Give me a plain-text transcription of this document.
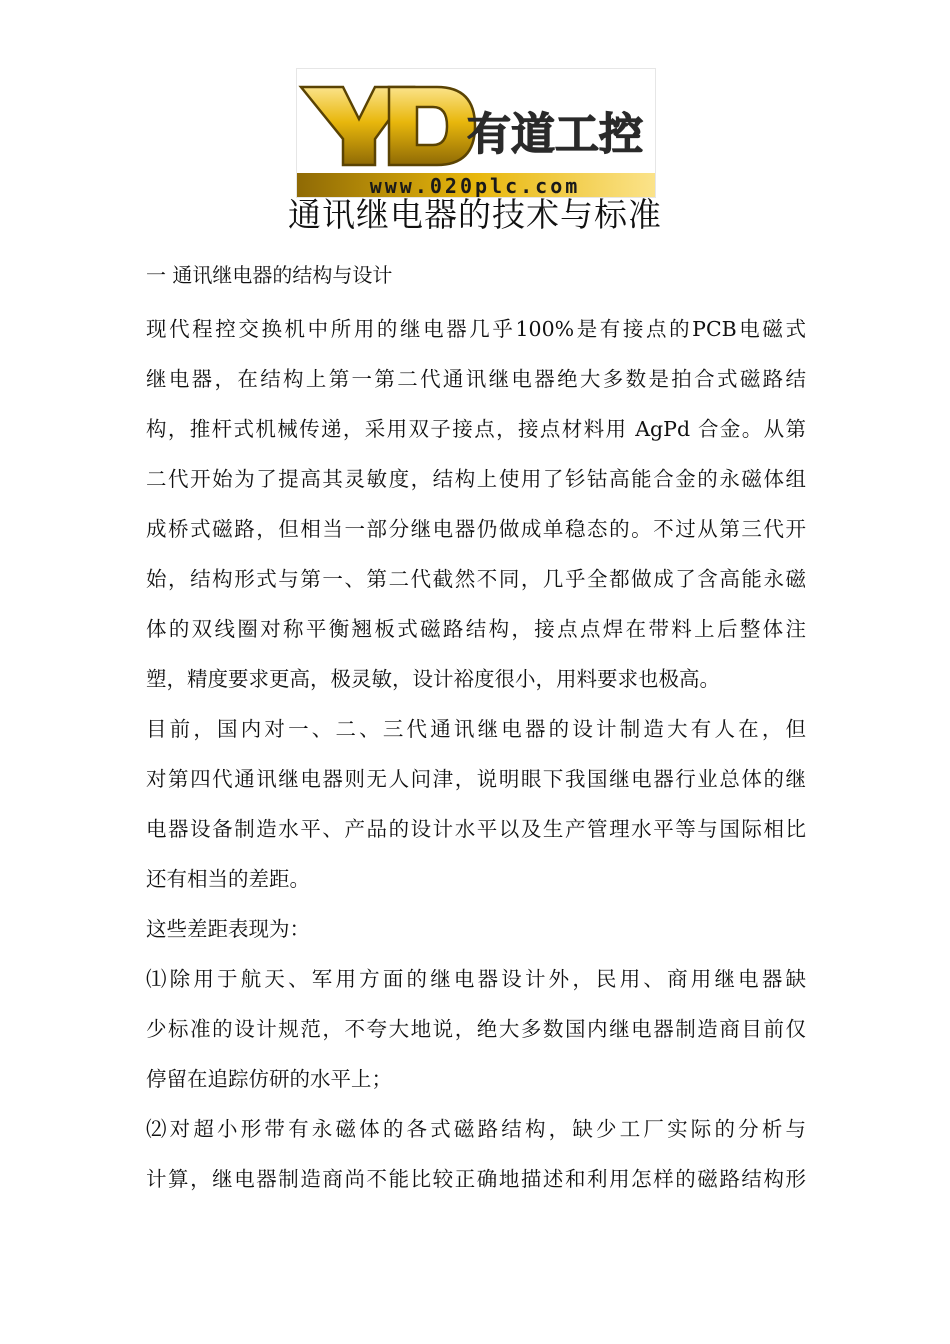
有道工控
www.020plc.com
通讯继电器的技术与标准
一 通讯继电器的结构与设计
现代程控交换机中所用的继电器几乎100%是有接点的PCB电磁式
继电器，在结构上第一第二代通讯继电器绝大多数是拍合式磁路结
构，推杆式机械传递，采用双子接点，接点材料用 AgPd 合金。从第
二代开始为了提高其灵敏度，结构上使用了钐钴高能合金的永磁体组
成桥式磁路，但相当一部分继电器仍做成单稳态的。不过从第三代开
始，结构形式与第一、第二代截然不同，几乎全都做成了含高能永磁
体的双线圈对称平衡翘板式磁路结构，接点点焊在带料上后整体注
塑，精度要求更高，极灵敏，设计裕度很小，用料要求也极高。
目前，国内对一、二、三代通讯继电器的设计制造大有人在，但
对第四代通讯继电器则无人问津，说明眼下我国继电器行业总体的继
电器设备制造水平、产品的设计水平以及生产管理水平等与国际相比
还有相当的差距。
这些差距表现为：
⑴除用于航天、军用方面的继电器设计外，民用、商用继电器缺
少标准的设计规范，不夸大地说，绝大多数国内继电器制造商目前仅
停留在追踪仿研的水平上；
⑵对超小形带有永磁体的各式磁路结构，缺少工厂实际的分析与
计算，继电器制造商尚不能比较正确地描述和利用怎样的磁路结构形
